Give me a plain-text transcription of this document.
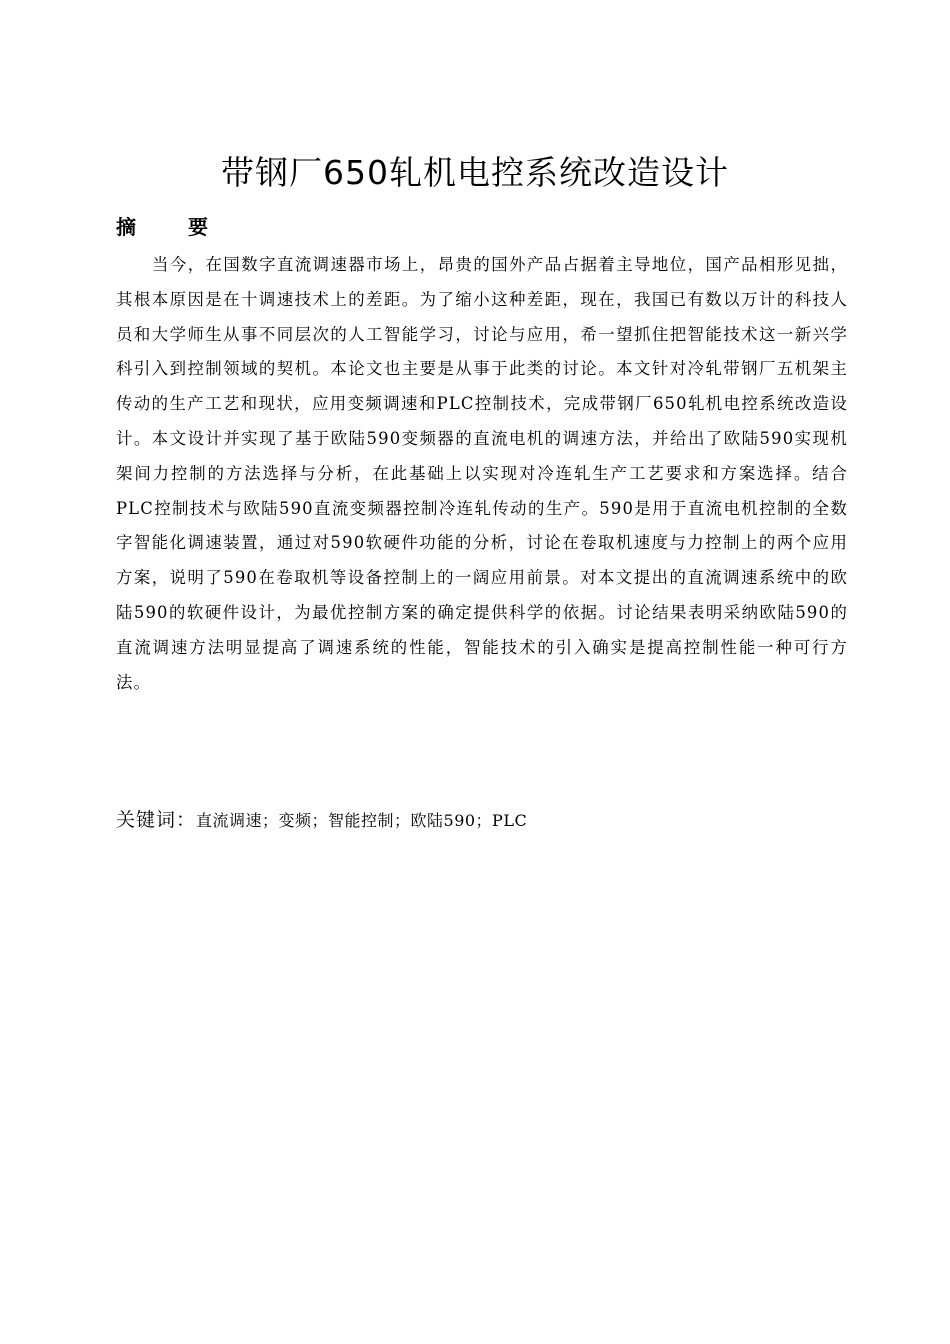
带钢厂650轧机电控系统改造设计
摘要

当今，在国数字直流调速器市场上，昂贵的国外产品占据着主导地位，国产品相形见拙，其根本原因是在十调速技术上的差距。为了缩小这种差距，现在，我国已有数以万计的科技人员和大学师生从事不同层次的人工智能学习，讨论与应用，希一望抓住把智能技术这一新兴学科引入到控制领域的契机。本论文也主要是从事于此类的讨论。本文针对冷轧带钢厂五机架主传动的生产工艺和现状，应用变频调速和PLC控制技术，完成带钢厂650轧机电控系统改造设计。本文设计并实现了基于欧陆590变频器的直流电机的调速方法，并给出了欧陆590实现机架间力控制的方法选择与分析，在此基础上以实现对冷连轧生产工艺要求和方案选择。结合PLC控制技术与欧陆590直流变频器控制冷连轧传动的生产。590是用于直流电机控制的全数字智能化调速装置，通过对590软硬件功能的分析，讨论在卷取机速度与力控制上的两个应用方案，说明了590在卷取机等设备控制上的一阔应用前景。对本文提出的直流调速系统中的欧陆590的软硬件设计，为最优控制方案的确定提供科学的依据。讨论结果表明采纳欧陆590的直流调速方法明显提高了调速系统的性能，智能技术的引入确实是提高控制性能一种可行方法。

关键词：直流调速；变频；智能控制；欧陆590；PLC
